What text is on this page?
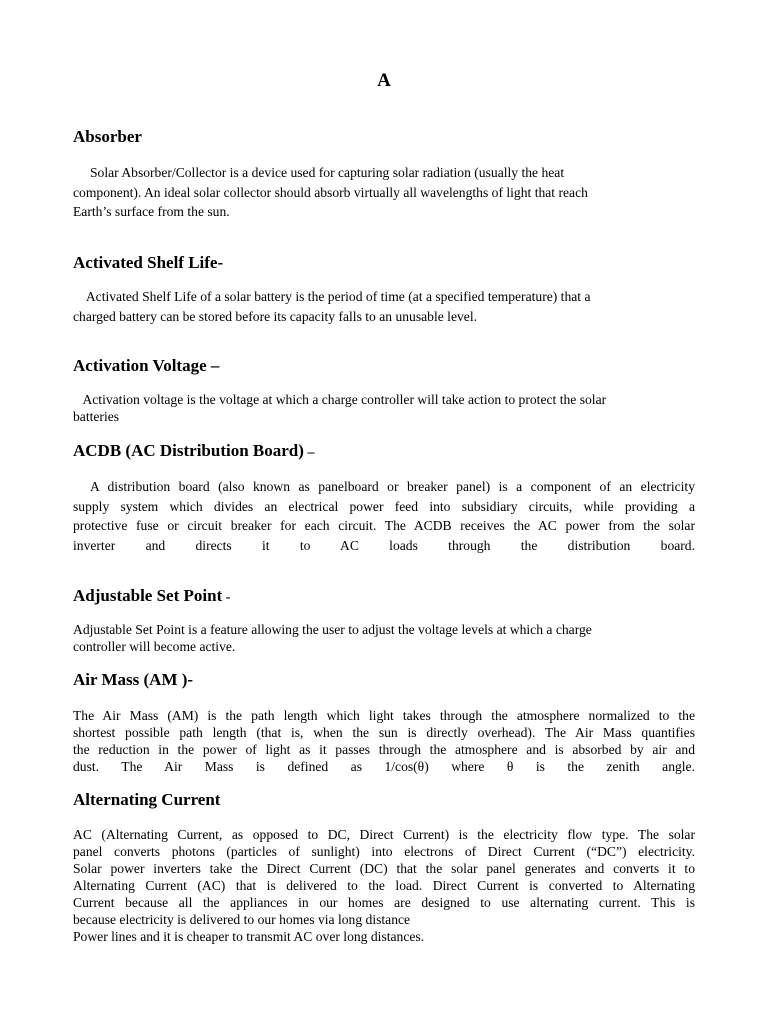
A
Absorber
Solar Absorber/Collector is a device used for capturing solar radiation (usually the heat
component). An ideal solar collector should absorb virtually all wavelengths of light that reach
Earth’s surface from the sun.
Activated Shelf Life-
Activated Shelf Life of a solar battery is the period of time (at a specified temperature) that a
charged battery can be stored before its capacity falls to an unusable level.
Activation Voltage –
Activation voltage is the voltage at which a charge controller will take action to protect the solar
batteries
ACDB (AC Distribution Board) –
A distribution board (also known as panelboard or breaker panel) is a component of an electricity
supply system which divides an electrical power feed into subsidiary circuits, while providing a
protective fuse or circuit breaker for each circuit. The ACDB receives the AC power from the solar
inverter and directs it to AC loads through the distribution board.
Adjustable Set Point -
Adjustable Set Point is a feature allowing the user to adjust the voltage levels at which a charge
controller will become active.
Air Mass (AM )-
The Air Mass (AM) is the path length which light takes through the atmosphere normalized to the
shortest possible path length (that is, when the sun is directly overhead). The Air Mass quantifies
the reduction in the power of light as it passes through the atmosphere and is absorbed by air and
dust. The Air Mass is defined as 1/cos(θ) where θ is the zenith angle.
Alternating Current
AC (Alternating Current, as opposed to DC, Direct Current) is the electricity flow type. The solar
panel converts photons (particles of sunlight) into electrons of Direct Current (“DC”) electricity.
Solar power inverters take the Direct Current (DC) that the solar panel generates and converts it to
Alternating Current (AC) that is delivered to the load. Direct Current is converted to Alternating
Current because all the appliances in our homes are designed to use alternating current. This is
because electricity is delivered to our homes via long distance
Power lines and it is cheaper to transmit AC over long distances.
